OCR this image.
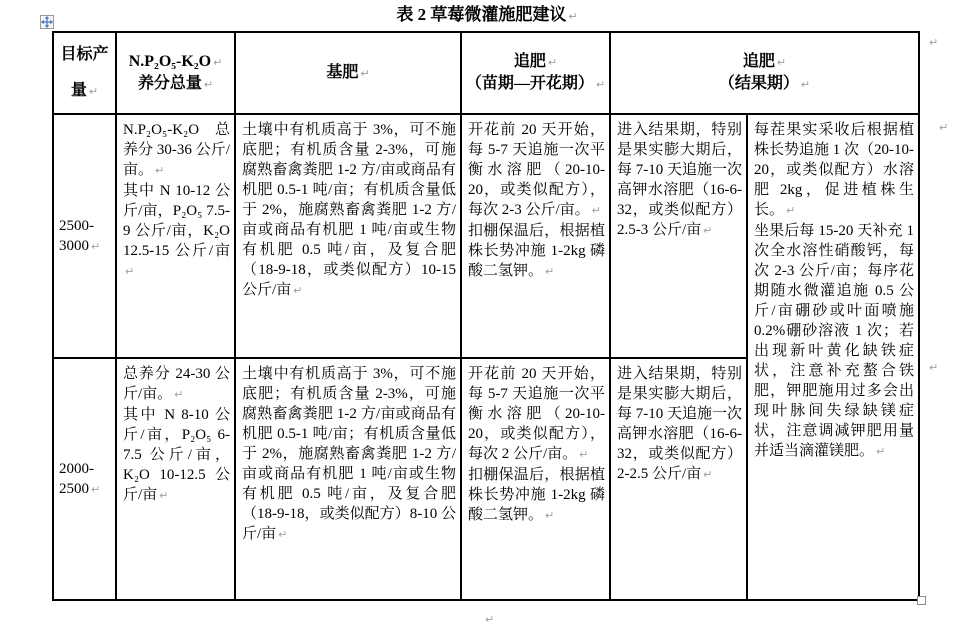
表 2 草莓微灌施肥建议 ↵

目标产量 ↵

N.P₂O₅-K₂O ↵

养分总量 ↵

基肥 ↵

追肥 ↵

（苗期—开花期） ↵

追肥 ↵

（结果期） ↵

2500-3000 ↵

N.P₂O₅-K₂O 总养分 30-36 公斤/亩。 ↵

其中 N 10-12 公斤/亩，P₂O₅ 7.5-9 公斤/亩，K₂O 12.5-15 公斤/亩↵

土壤中有机质高于 3%，可不施底肥；有机质含量 2-3%，可施腐熟畜禽粪肥 1-2 方/亩或商品有机肥 0.5-1 吨/亩；有机质含量低于 2%，施腐熟畜禽粪肥 1-2 方/亩或商品有机肥 1 吨/亩或生物有机肥 0.5 吨/亩，及复合肥（18-9-18，或类似配方）10-15 公斤/亩 ↵

开花前 20 天开始，每 5-7 天追施一次平衡水溶肥（20-10-20，或类似配方），每次 2-3 公斤/亩。 ↵

扣棚保温后，根据植株长势冲施 1-2kg 磷酸二氢钾。 ↵

进入结果期，特别是果实膨大期后，每 7-10 天追施一次高钾水溶肥（16-6-32，或类似配方）2.5-3 公斤/亩 ↵

2000-2500 ↵

总养分 24-30 公斤/亩。 ↵

其中 N 8-10 公斤/亩，P₂O₅ 6-7.5 公斤/亩，K₂O 10-12.5 公斤/亩 ↵

土壤中有机质高于 3%，可不施底肥；有机质含量 2-3%，可施腐熟畜禽粪肥 1-2 方/亩或商品有机肥 0.5-1 吨/亩；有机质含量低于 2%，施腐熟畜禽粪肥 1-2 方/亩或商品有机肥 1 吨/亩或生物有机肥 0.5 吨/亩，及复合肥（18-9-18，或类似配方）8-10 公斤/亩 ↵

开花前 20 天开始，每 5-7 天追施一次平衡水溶肥（20-10-20，或类似配方），每次 2 公斤/亩。 ↵

扣棚保温后，根据植株长势冲施 1-2kg 磷酸二氢钾。 ↵

进入结果期，特别是果实膨大期后，每 7-10 天追施一次高钾水溶肥（16-6-32，或类似配方）2-2.5 公斤/亩 ↵

每茬果实采收后根据植株长势追施 1 次（20-10-20，或类似配方）水溶肥 2kg，促进植株生长。 ↵

坐果后每 15-20 天补充 1 次全水溶性硝酸钙，每次 2-3 公斤/亩；每序花期随水微灌追施 0.5 公斤/亩硼砂或叶面喷施 0.2%硼砂溶液 1 次；若出现新叶黄化缺铁症状，注意补充螯合铁肥，钾肥施用过多会出现叶脉间失绿缺镁症状，注意调减钾肥用量并适当滴灌镁肥。 ↵

↵
↵
↵
↵
